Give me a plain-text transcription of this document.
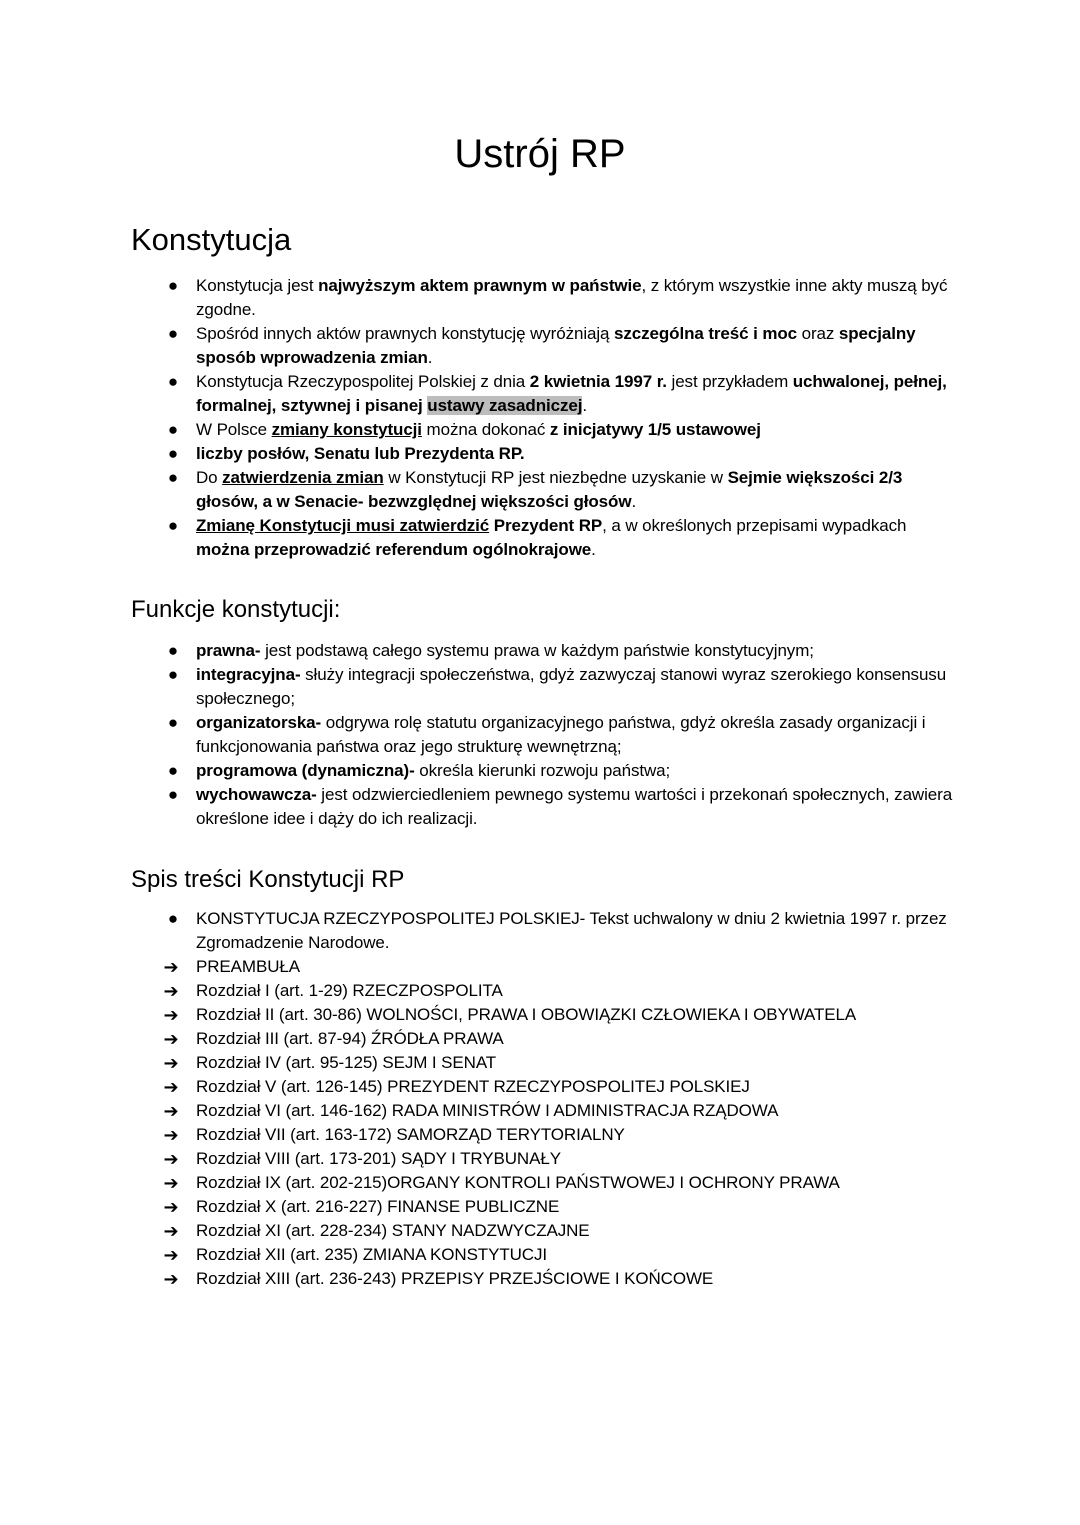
Ustrój RP
Konstytucja
● Konstytucja jest najwyższym aktem prawnym w państwie, z którym wszystkie inne akty muszą być zgodne.
● Spośród innych aktów prawnych konstytucję wyróżniają szczególna treść i moc oraz specjalny sposób wprowadzenia zmian.
● Konstytucja Rzeczypospolitej Polskiej z dnia 2 kwietnia 1997 r. jest przykładem uchwalonej, pełnej, formalnej, sztywnej i pisanej ustawy zasadniczej.
● W Polsce zmiany konstytucji można dokonać z inicjatywy 1/5 ustawowej
● liczby posłów, Senatu lub Prezydenta RP.
● Do zatwierdzenia zmian w Konstytucji RP jest niezbędne uzyskanie w Sejmie większości 2/3 głosów, a w Senacie- bezwzględnej większości głosów.
● Zmianę Konstytucji musi zatwierdzić Prezydent RP, a w określonych przepisami wypadkach można przeprowadzić referendum ogólnokrajowe.
Funkcje konstytucji:
● prawna- jest podstawą całego systemu prawa w każdym państwie konstytucyjnym;
● integracyjna- służy integracji społeczeństwa, gdyż zazwyczaj stanowi wyraz szerokiego konsensusu społecznego;
● organizatorska- odgrywa rolę statutu organizacyjnego państwa, gdyż określa zasady organizacji i funkcjonowania państwa oraz jego strukturę wewnętrzną;
● programowa (dynamiczna)- określa kierunki rozwoju państwa;
● wychowawcza- jest odzwierciedleniem pewnego systemu wartości i przekonań społecznych, zawiera określone idee i dąży do ich realizacji.
Spis treści Konstytucji RP
● KONSTYTUCJA RZECZYPOSPOLITEJ POLSKIEJ- Tekst uchwalony w dniu 2 kwietnia 1997 r. przez Zgromadzenie Narodowe.
➔ PREAMBUŁA
➔ Rozdział I (art. 1-29) RZECZPOSPOLITA
➔ Rozdział II (art. 30-86) WOLNOŚCI, PRAWA I OBOWIĄZKI CZŁOWIEKA I OBYWATELA
➔ Rozdział III (art. 87-94) ŹRÓDŁA PRAWA
➔ Rozdział IV (art. 95-125) SEJM I SENAT
➔ Rozdział V (art. 126-145) PREZYDENT RZECZYPOSPOLITEJ POLSKIEJ
➔ Rozdział VI (art. 146-162) RADA MINISTRÓW I ADMINISTRACJA RZĄDOWA
➔ Rozdział VII (art. 163-172) SAMORZĄD TERYTORIALNY
➔ Rozdział VIII (art. 173-201) SĄDY I TRYBUNAŁY
➔ Rozdział IX (art. 202-215)ORGANY KONTROLI PAŃSTWOWEJ I OCHRONY PRAWA
➔ Rozdział X (art. 216-227) FINANSE PUBLICZNE
➔ Rozdział XI (art. 228-234) STANY NADZWYCZAJNE
➔ Rozdział XII (art. 235) ZMIANA KONSTYTUCJI
➔ Rozdział XIII (art. 236-243) PRZEPISY PRZEJŚCIOWE I KOŃCOWE
